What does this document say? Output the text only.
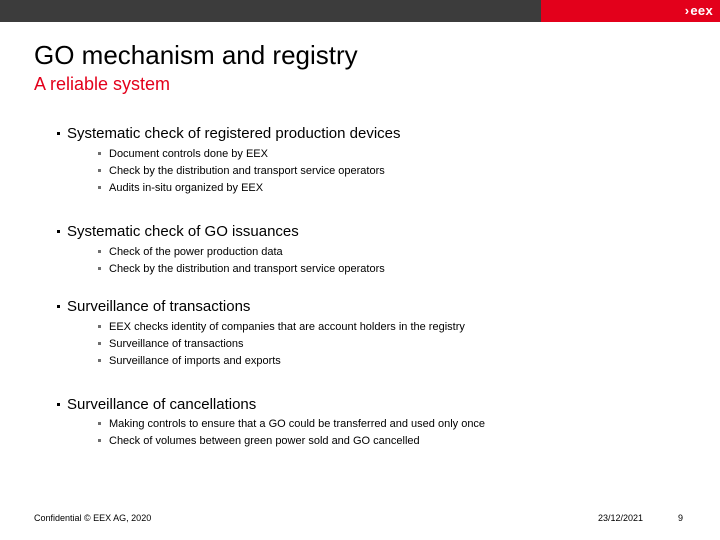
›eex
GO mechanism and registry
A reliable system
Systematic check of registered production devices
Document controls done by EEX
Check by the distribution and transport service operators
Audits in-situ organized by EEX
Systematic check of GO issuances
Check of the power production data
Check by the distribution and transport service operators
Surveillance of transactions
EEX checks identity of companies that are account holders in the registry
Surveillance of transactions
Surveillance of imports and exports
Surveillance of cancellations
Making controls to ensure that a GO could be transferred and used only once
Check of volumes between green power sold and GO cancelled
Confidential © EEX AG, 2020	23/12/2021	9
